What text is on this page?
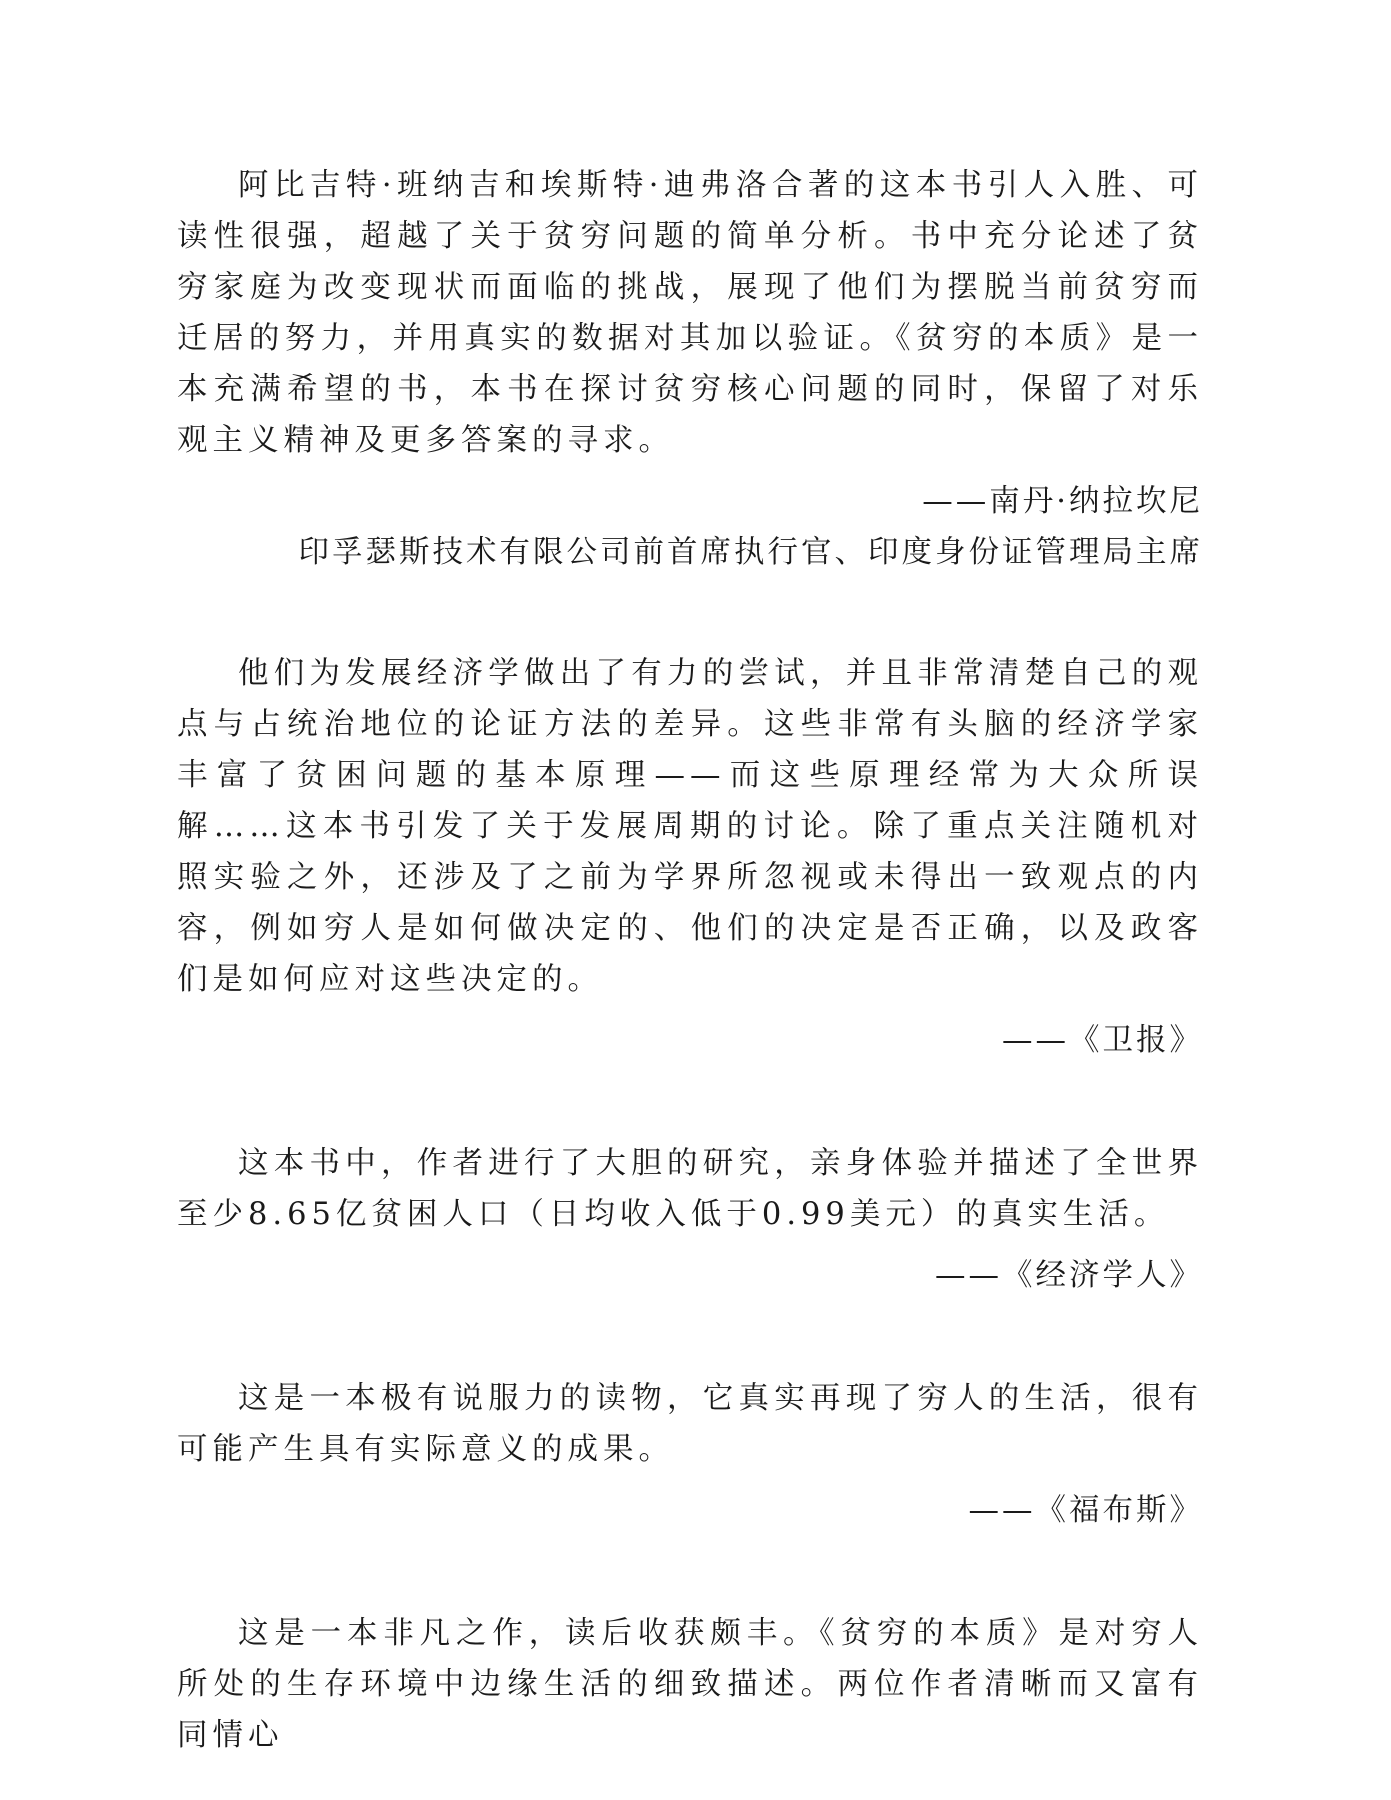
阿比吉特·班纳吉和埃斯特·迪弗洛合著的这本书引人入胜、可读性很强，超越了关于贫穷问题的简单分析。书中充分论述了贫穷家庭为改变现状而面临的挑战，展现了他们为摆脱当前贫穷而迁居的努力，并用真实的数据对其加以验证。《贫穷的本质》是一本充满希望的书，本书在探讨贫穷核心问题的同时，保留了对乐观主义精神及更多答案的寻求。

——南丹·纳拉坎尼

印孚瑟斯技术有限公司前首席执行官、印度身份证管理局主席

他们为发展经济学做出了有力的尝试，并且非常清楚自己的观点与占统治地位的论证方法的差异。这些非常有头脑的经济学家丰富了贫困问题的基本原理——而这些原理经常为大众所误解……这本书引发了关于发展周期的讨论。除了重点关注随机对照实验之外，还涉及了之前为学界所忽视或未得出一致观点的内容，例如穷人是如何做决定的、他们的决定是否正确，以及政客们是如何应对这些决定的。

——《卫报》

这本书中，作者进行了大胆的研究，亲身体验并描述了全世界至少8.65亿贫困人口（日均收入低于0.99美元）的真实生活。

——《经济学人》

这是一本极有说服力的读物，它真实再现了穷人的生活，很有可能产生具有实际意义的成果。

——《福布斯》

这是一本非凡之作，读后收获颇丰。《贫穷的本质》是对穷人所处的生存环境中边缘生活的细致描述。两位作者清晰而又富有同情心
